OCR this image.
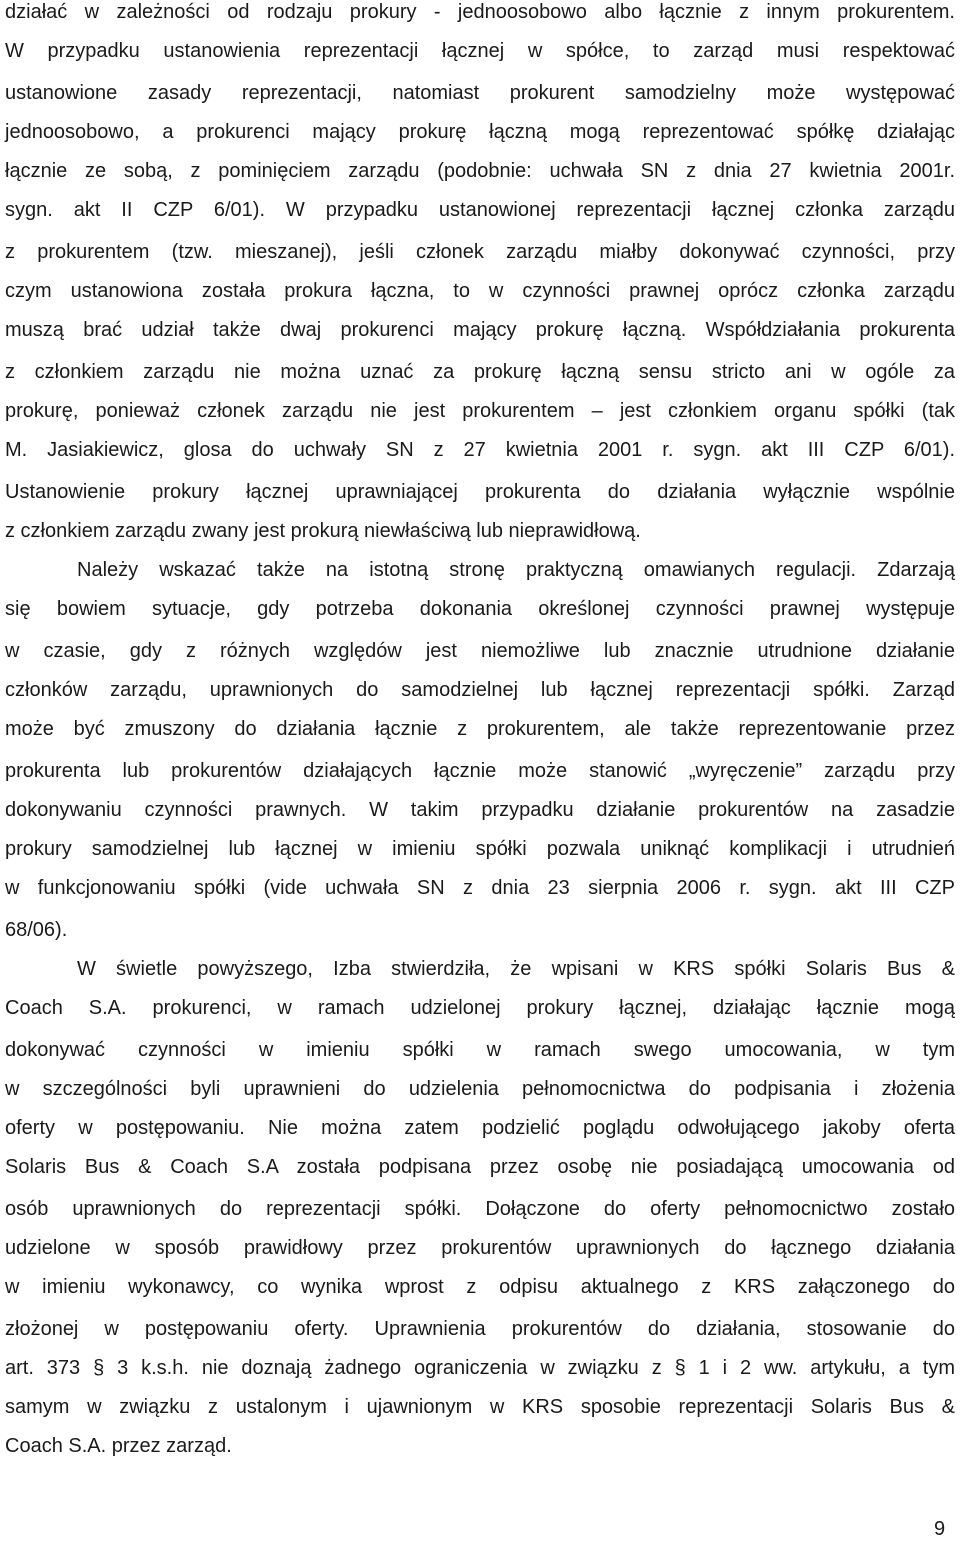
działać w zależności od rodzaju prokury - jednoosobowo albo łącznie z innym prokurentem.
W przypadku ustanowienia reprezentacji łącznej w spółce, to zarząd musi respektować
ustanowione zasady reprezentacji, natomiast prokurent samodzielny może występować
jednoosobowo, a prokurenci mający prokurę łączną mogą reprezentować spółkę działając
łącznie ze sobą, z pominięciem zarządu (podobnie: uchwała SN z dnia 27 kwietnia 2001r.
sygn. akt II CZP 6/01). W przypadku ustanowionej reprezentacji łącznej członka zarządu
z prokurentem (tzw. mieszanej), jeśli członek zarządu miałby dokonywać czynności, przy
czym ustanowiona została prokura łączna, to w czynności prawnej oprócz członka zarządu
muszą brać udział także dwaj prokurenci mający prokurę łączną. Współdziałania prokurenta
z członkiem zarządu nie można uznać za prokurę łączną sensu stricto ani w ogóle za
prokurę, ponieważ członek zarządu nie jest prokurentem – jest członkiem organu spółki (tak
M. Jasiakiewicz, glosa do uchwały SN z 27 kwietnia 2001 r. sygn. akt III CZP 6/01).
Ustanowienie prokury łącznej uprawniającej prokurenta do działania wyłącznie wspólnie
z członkiem zarządu zwany jest prokurą niewłaściwą lub nieprawidłową.
Należy wskazać także na istotną stronę praktyczną omawianych regulacji. Zdarzają
się bowiem sytuacje, gdy potrzeba dokonania określonej czynności prawnej występuje
w czasie, gdy z różnych względów jest niemożliwe lub znacznie utrudnione działanie
członków zarządu, uprawnionych do samodzielnej lub łącznej reprezentacji spółki. Zarząd
może być zmuszony do działania łącznie z prokurentem, ale także reprezentowanie przez
prokurenta lub prokurentów działających łącznie może stanowić „wyręczenie” zarządu przy
dokonywaniu czynności prawnych. W takim przypadku działanie prokurentów na zasadzie
prokury samodzielnej lub łącznej w imieniu spółki pozwala uniknąć komplikacji i utrudnień
w funkcjonowaniu spółki (vide uchwała SN z dnia 23 sierpnia 2006 r. sygn. akt III CZP
68/06).
W świetle powyższego, Izba stwierdziła, że wpisani w KRS spółki Solaris Bus &
Coach S.A. prokurenci, w ramach udzielonej prokury łącznej, działając łącznie mogą
dokonywać czynności w imieniu spółki w ramach swego umocowania, w tym
w szczególności byli uprawnieni do udzielenia pełnomocnictwa do podpisania i złożenia
oferty w postępowaniu. Nie można zatem podzielić poglądu odwołującego jakoby oferta
Solaris Bus & Coach S.A została podpisana przez osobę nie posiadającą umocowania od
osób uprawnionych do reprezentacji spółki. Dołączone do oferty pełnomocnictwo zostało
udzielone w sposób prawidłowy przez prokurentów uprawnionych do łącznego działania
w imieniu wykonawcy, co wynika wprost z odpisu aktualnego z KRS załączonego do
złożonej w postępowaniu oferty. Uprawnienia prokurentów do działania, stosowanie do
art. 373 § 3 k.s.h. nie doznają żadnego ograniczenia w związku z § 1 i 2 ww. artykułu, a tym
samym w związku z ustalonym i ujawnionym w KRS sposobie reprezentacji Solaris Bus &
Coach S.A. przez zarząd.
9
